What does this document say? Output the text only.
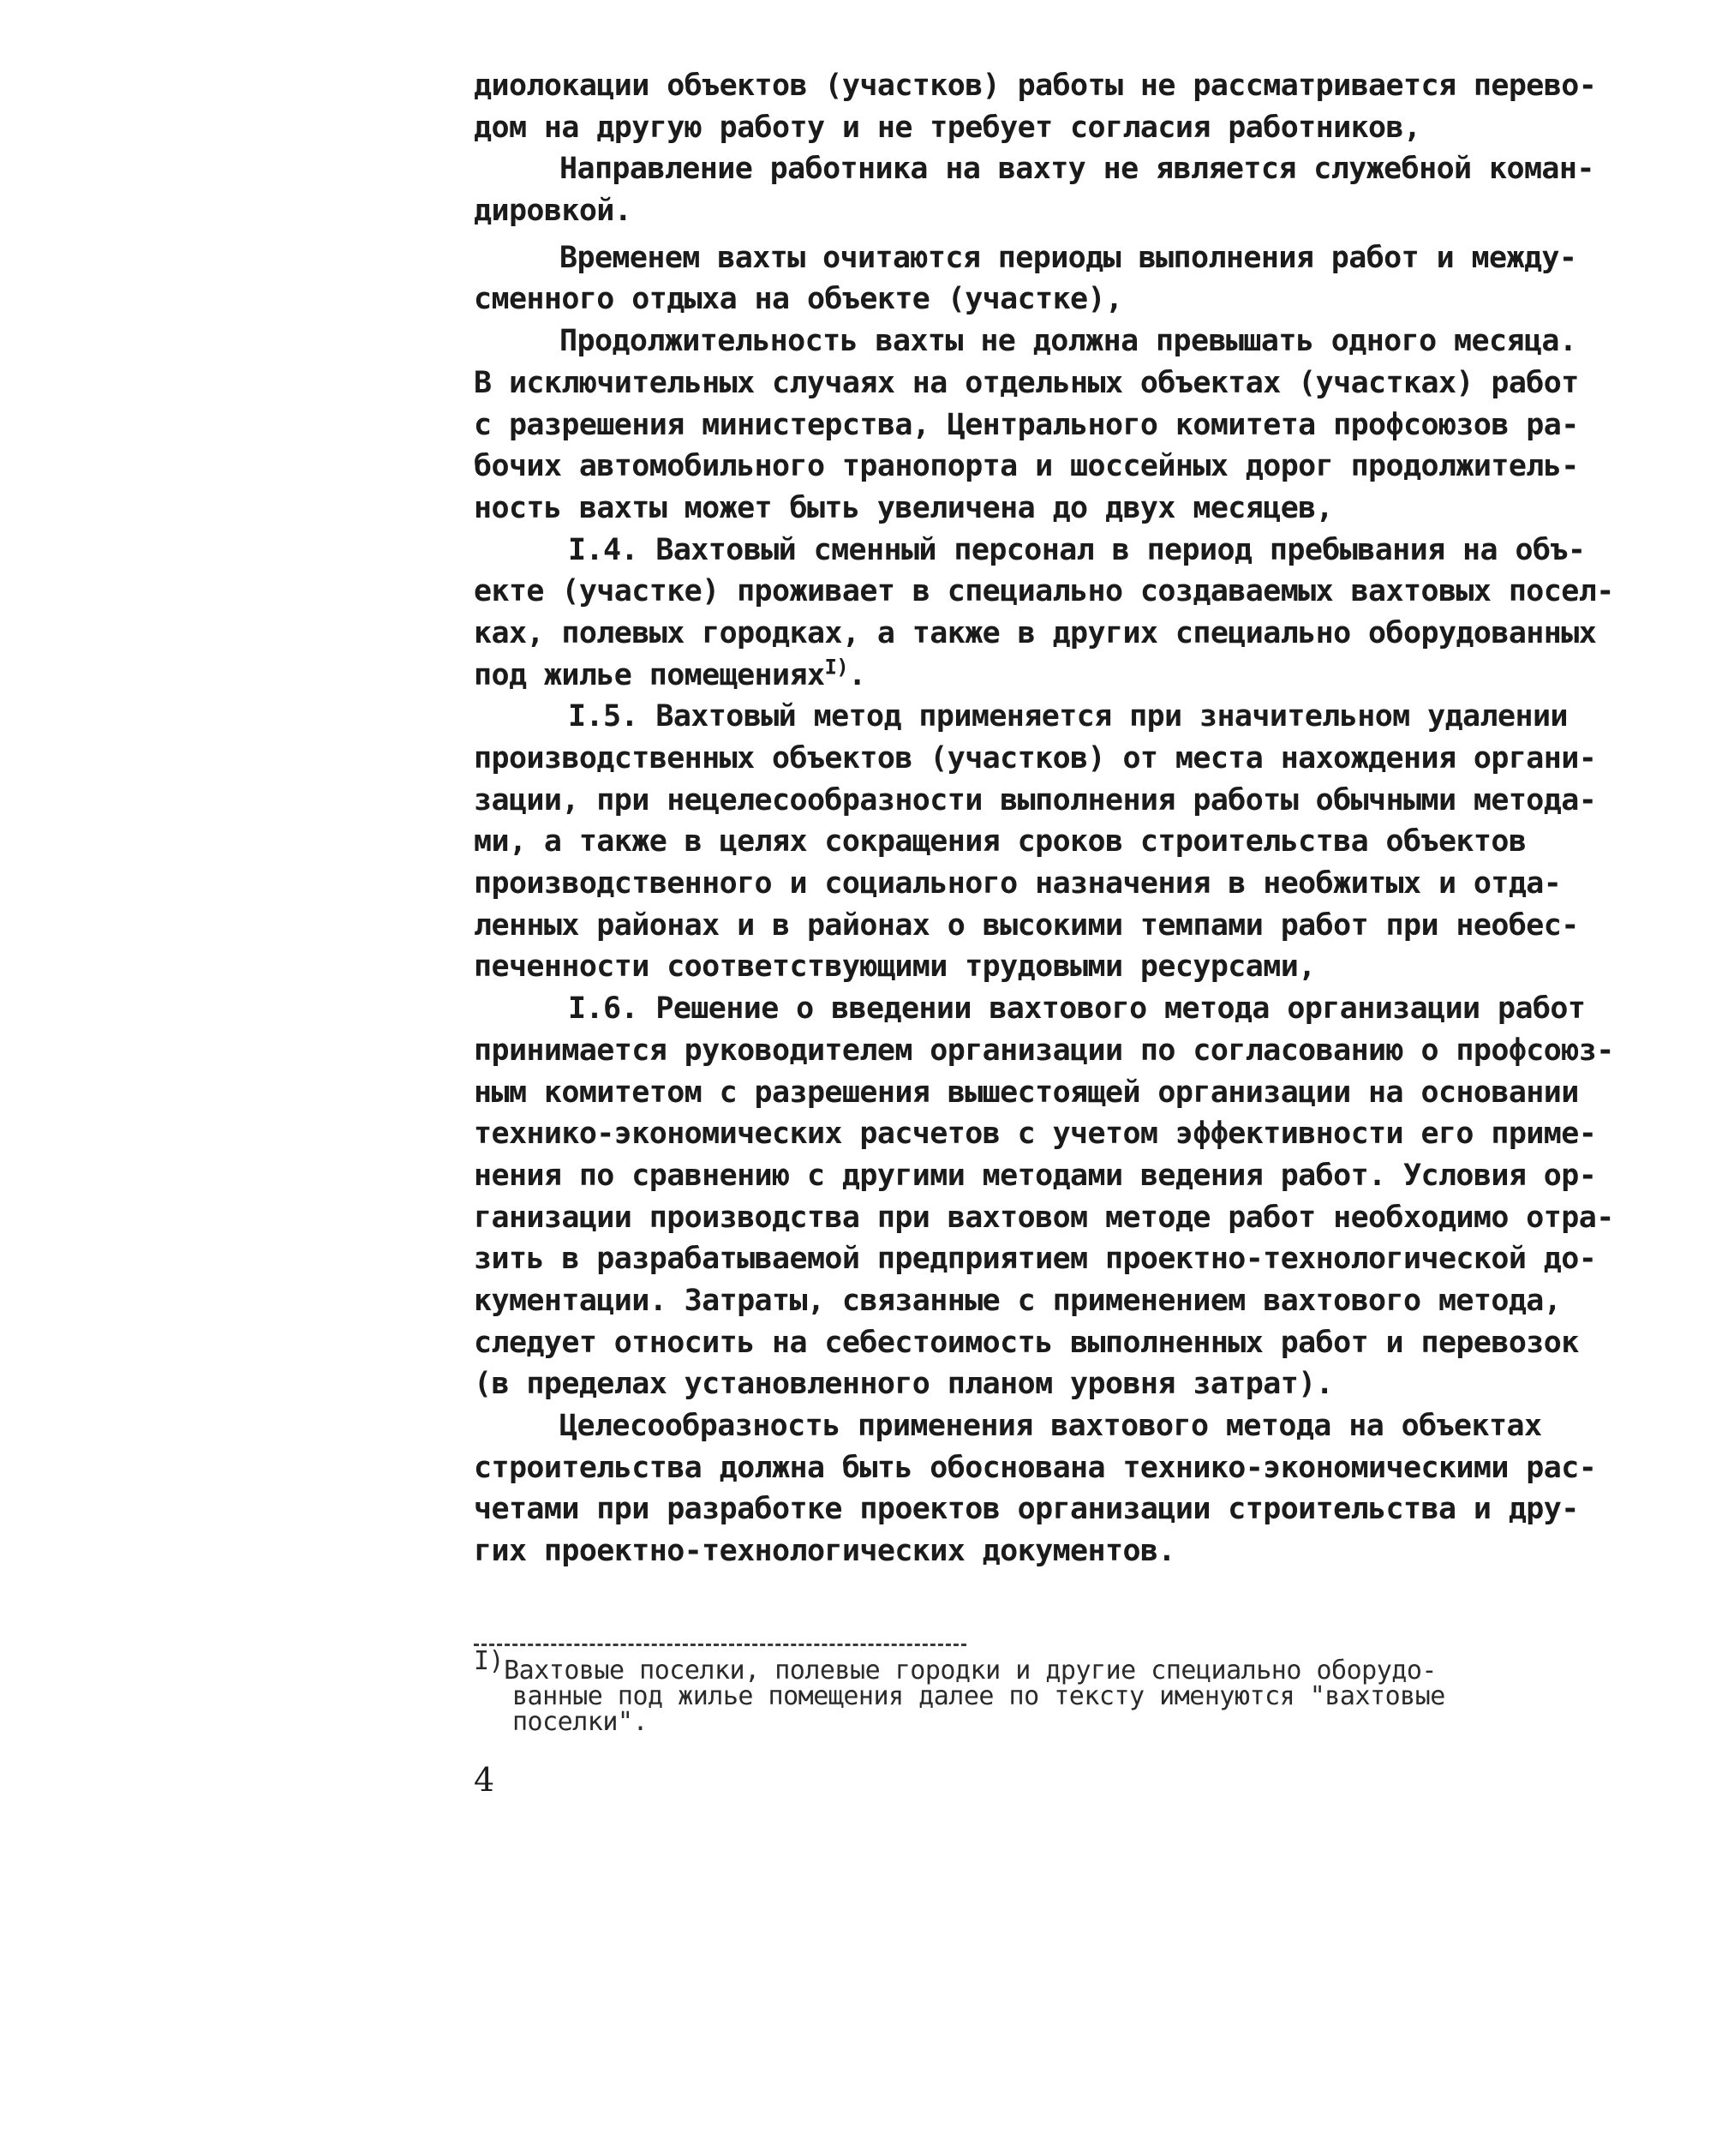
диолокации объектов (участков) работы не рассматривается перево-
дом на другую работу и не требует согласия работников,
Направление работника на вахту не является служебной коман-
дировкой.
Временем вахты очитаются периоды выполнения работ и между-
сменного отдыха на объекте (участке),
Продолжительность вахты не должна превышать одного месяца.
В исключительных случаях на отдельных объектах (участках) работ
с разрешения министерства, Центрального комитета профсоюзов ра-
бочих автомобильного транопорта и шоссейных дорог продолжитель-
ность вахты может быть увеличена до двух месяцев,
I.4. Вахтовый сменный персонал в период пребывания на объ-
екте (участке) проживает в специально создаваемых вахтовых посел-
ках, полевых городках, а также в других специально оборудованных
под жилье помещениях$^{I)}$.
I.5. Вахтовый метод применяется при значительном удалении
производственных объектов (участков) от места нахождения органи-
зации, при нецелесообразности выполнения работы обычными метода-
ми, а также в целях сокращения сроков строительства объектов
производственного и социального назначения в необжитых и отда-
ленных районах и в районах о высокими темпами работ при необес-
печенности соответствующими трудовыми ресурсами,
I.6. Решение о введении вахтового метода организации работ
принимается руководителем организации по согласованию о профсоюз-
ным комитетом с разрешения вышестоящей организации на основании
технико-экономических расчетов с учетом эффективности его приме-
нения по сравнению с другими методами ведения работ. Условия ор-
ганизации производства при вахтовом методе работ необходимо отра-
зить в разрабатываемой предприятием проектно-технологической до-
кументации. Затраты, связанные с применением вахтового метода,
следует относить на себестоимость выполненных работ и перевозок
(в пределах установленного планом уровня затрат).
Целесообразность применения вахтового метода на объектах
строительства должна быть обоснована технико-экономическими рас-
четами при разработке проектов организации строительства и дру-
гих проектно-технологических документов.
I)Вахтовые поселки, полевые городки и другие специально оборудо-
ванные под жилье помещения далее по тексту именуются "вахтовые
поселки".
4
